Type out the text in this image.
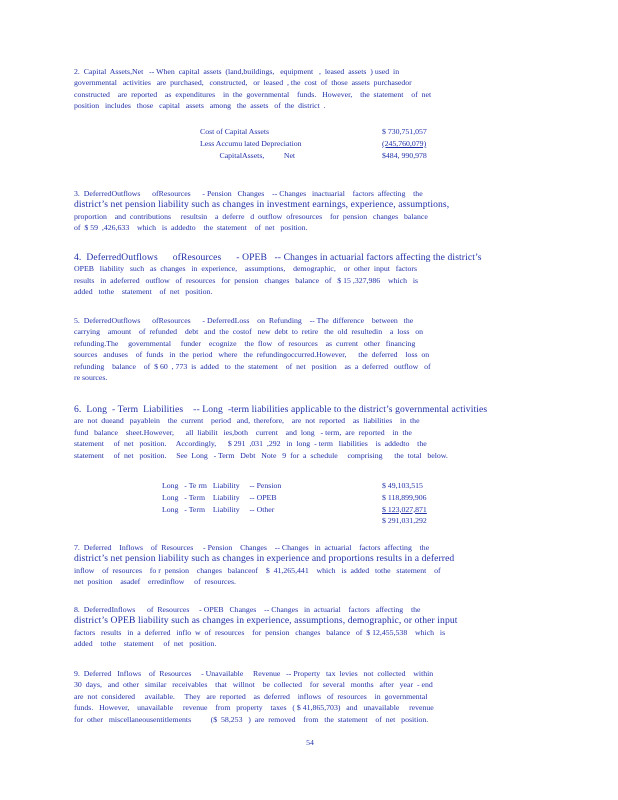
2.  Capital  Assets,Net   -- When  capital  assets  (land,buildings,   equipment   ,  leased  assets  ) used  in
governmental   activities   are  purchased,   constructed,   or  leased  , the  cost  of  those  assets  purchasedor
constructed    are  reported    as  expenditures    in  the  governmental    funds.   However,    the  statement    of  net
position   includes   those   capital   assets   among   the  assets   of  the  district  .
Cost of Capital Assets	$ 730,751,057
Less Accumu lated Depreciation	(245,760,079)
CapitalAssets,          Net	$484, 990,978
3.  DeferredOutflows      ofResources      - Pension   Changes    -- Changes   inactuarial    factors  affecting    the
district’s net pension liability such as changes in investment earnings, experience, assumptions,
proportion    and  contributions     resultsin    a  deferre   d  outflow  ofresources    for  pension   changes   balance
of  $ 59  ,426,633    which   is  addedto    the  statement    of  net   position.
4.  DeferredOutflows      ofResources      - OPEB   -- Changes in actuarial factors affecting the district’s
OPEB   liability   such   as  changes   in  experience,    assumptions,    demographic,    or  other  input   factors
results   in  adeferred   outflow   of  resources   for  pension   changes   balance   of   $ 15 ,327,986    which   is
added   tothe    statement    of  net   position.
5.  DeferredOutflows      ofResources      - DeferredLoss    on  Refunding    -- The  difference    between   the
carrying    amount    of  refunded    debt   and  the  costof   new  debt  to  retire   the  old  resultedin    a  loss   on
refunding.The     governmental     funder    ecognize    the  flow   of  resources    as  current   other   financing
sources   anduses    of  funds   in  the  period   where   the  refundingoccurred.However,      the  deferred    loss  on
refunding    balance    of  $ 60  , 773  is  added   to  the  statement    of  net   position    as  a  deferred   outflow   of
re sources.
6.  Long  - Term  Liabilities    -- Long  -term liabilities applicable to the district’s governmental activities
are  not  dueand   payablein    the  current    period   and,  therefore,    are  not  reported    as  liabilities    in  the
fund   balance    sheet.However,      all  liabilit   ies,both    current    and  long   - term,  are  reported    in  the
statement     of  net   position.     Accordingly,      $ 291  ,031  ,292   in  long  - term   liabilities    is  addedto    the
statement     of  net   position.     See  Long   - Term   Debt   Note   9  for  a  schedule     comprising      the  total   below.
Long   - Te rm   Liability     -- Pension	$ 49,103,515
Long   - Term    Liability     -- OPEB	$ 118,899,906
Long   - Term    Liability     -- Other	$ 123,027,871
$ 291,031,292
7.  Deferred    Inflows    of  Resources     - Pension    Changes    -- Changes   in  actuarial    factors  affecting    the
district’s net pension liability such as changes in experience and proportions results in a deferred
inflow    of  resources    fo r  pension    changes   balanceof    $  41,265,441    which   is  added   tothe   statement    of
net  position    asadef    erredinflow     of  resources.
8.  DeferredInflows      of  Resources     - OPEB   Changes    -- Changes   in  actuarial    factors   affecting    the
district’s OPEB liability such as changes in experience, assumptions, demographic, or other input
factors   results   in  a  deferred   inflo  w  of  resources    for  pension   changes   balance   of  $ 12,455,538    which   is
added    tothe    statement     of  net   position.
9.  Deferred   Inflows    of  Resources     - Unavailable     Revenue   -- Property   tax  levies   not  collected    within
30  days,   and  other   similar   receivables    that   willnot    be  collected    for  several   months   after   year  - end
are  not  considered     available.     They   are  reported    as  deferred    inflows   of  resources    in  governmental
funds.   However,    unavailable     revenue    from   property    taxes   ( $ 41,865,703)   and   unavailable     revenue
for  other   miscellaneousentitlements          ($  58,253   )  are  removed    from   the  statement    of  net   position.
54
